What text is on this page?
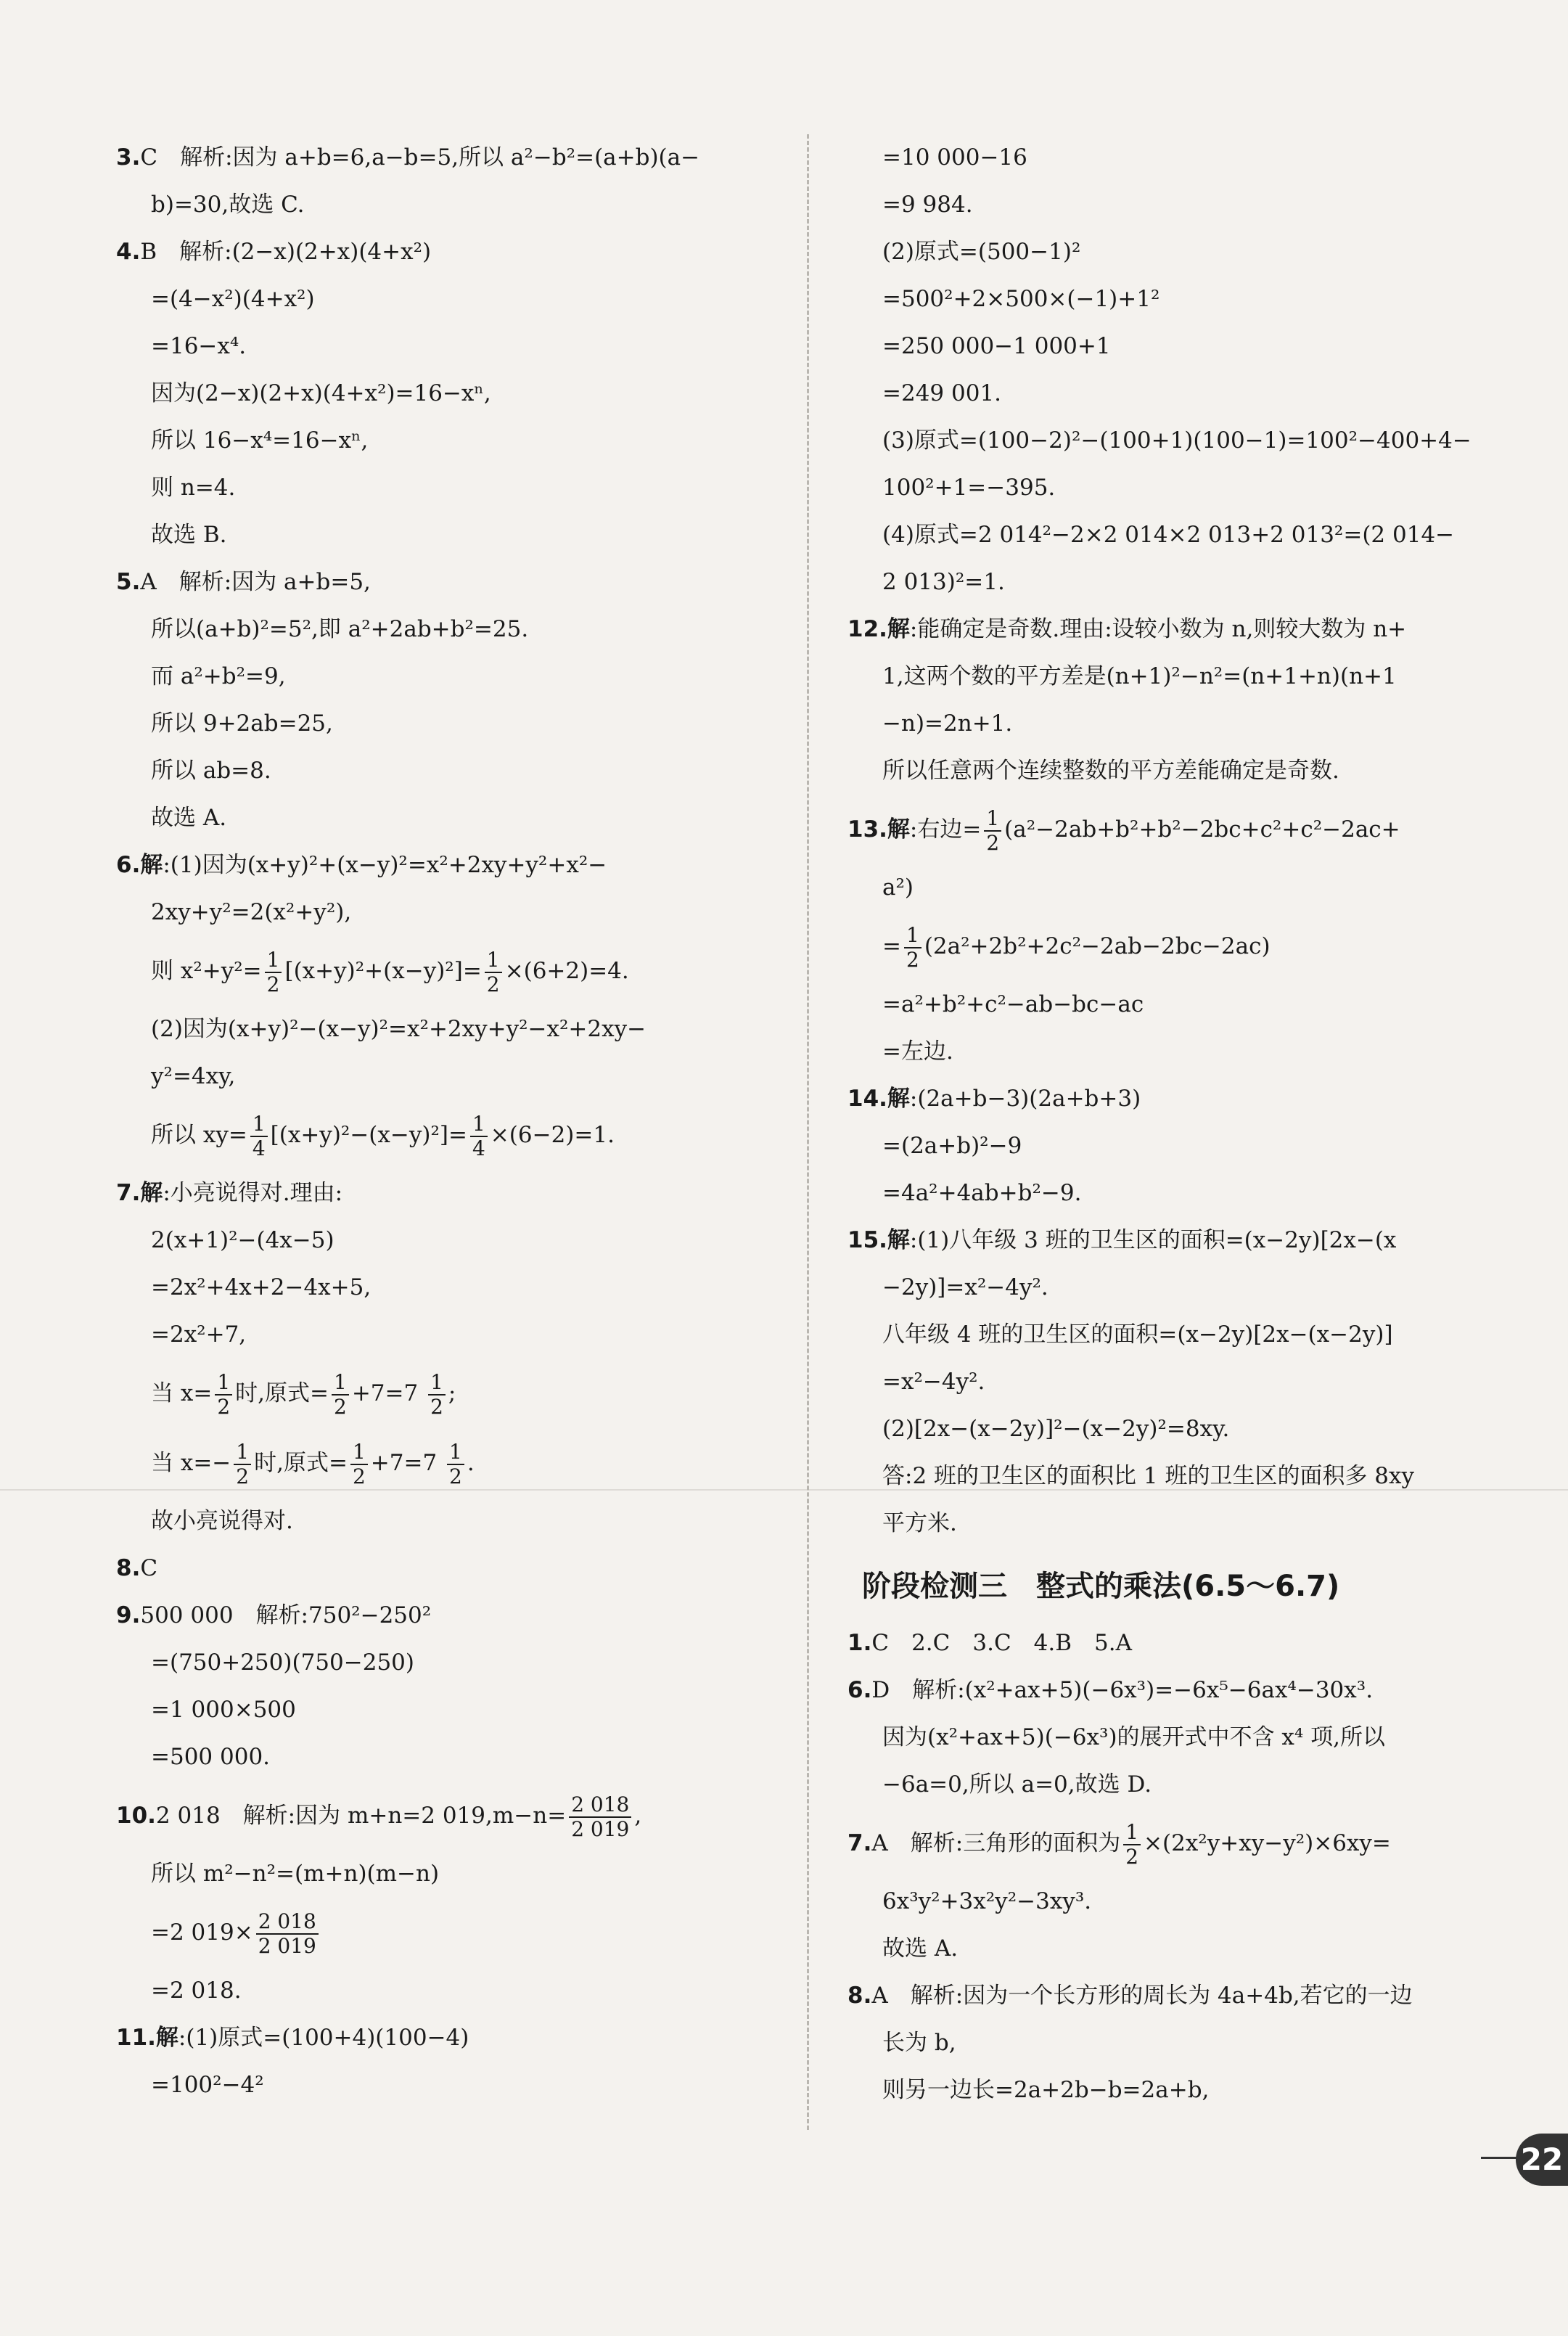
3.C　解析:因为 a+b=6,a−b=5,所以 a²−b²=(a+b)(a−
b)=30,故选 C.
4.B　解析:(2−x)(2+x)(4+x²)
=(4−x²)(4+x²)
=16−x⁴.
因为(2−x)(2+x)(4+x²)=16−xⁿ,
所以 16−x⁴=16−xⁿ,
则 n=4.
故选 B.
5.A　解析:因为 a+b=5,
所以(a+b)²=5²,即 a²+2ab+b²=25.
而 a²+b²=9,
所以 9+2ab=25,
所以 ab=8.
故选 A.
6.解:(1)因为(x+y)²+(x−y)²=x²+2xy+y²+x²−
2xy+y²=2(x²+y²),
则 $x^2+y^2= \frac{1}{2} [(x+y)^2+(x-y)^2]= \frac{1}{2} \times(6+2)=4$.
(2)因为(x+y)²−(x−y)²=x²+2xy+y²−x²+2xy−
y²=4xy,
所以 $xy= \frac{1}{4} [(x+y)^2-(x-y)^2]= \frac{1}{4} \times(6-2)=1$.
7.解:小亮说得对.理由:
2(x+1)²−(4x−5)
=2x²+4x+2−4x+5,
=2x²+7,
当 $x= \frac{1}{2}$ 时,原式= $\frac{1}{2} +7=7 \frac{1}{2}$ ;
当 $x=- \frac{1}{2}$ 时,原式= $\frac{1}{2} +7=7 \frac{1}{2}$ .
故小亮说得对.
8.C
9.500 000　解析:750²−250²
=(750+250)(750−250)
=1 000×500
=500 000.
10.2 018　解析:因为 m+n=2 $019,m-n= \frac{2 018}{2 019}$ ,
所以 m²−n²=(m+n)(m−n)
=2 $019\times \frac{2 018}{2 019}$
=2 018.
11.解:(1)原式=(100+4)(100−4)
=100²−4²
=10 000−16
=9 984.
(2)原式=(500−1)²
=500²+2×500×(−1)+1²
=250 000−1 000+1
=249 001.
(3)原式=(100−2)²−(100+1)(100−1)=100²−400+4−
100²+1=−395.
(4)原式=2 014²−2×2 014×2 013+2 013²=(2 014−
2 013)²=1.
12.解:能确定是奇数.理由:设较小数为 n,则较大数为 n+
1,这两个数的平方差是(n+1)²−n²=(n+1+n)(n+1
−n)=2n+1.
所以任意两个连续整数的平方差能确定是奇数.
13.解:右边= $\frac{1}{2} (a^2-2ab+b^2+b^2-2bc+c^2+c^2-2ac+$
a²)
= $\frac{1}{2} (2a^2+2b^2+2c^2-2ab-2bc-2ac)$
=a²+b²+c²−ab−bc−ac
=左边.
14.解:(2a+b−3)(2a+b+3)
=(2a+b)²−9
=4a²+4ab+b²−9.
15.解:(1)八年级 3 班的卫生区的面积=(x−2y)[2x−(x
−2y)]=x²−4y².
八年级 4 班的卫生区的面积=(x−2y)[2x−(x−2y)]
=x²−4y².
(2)[2x−(x−2y)]²−(x−2y)²=8xy.
答:2 班的卫生区的面积比 1 班的卫生区的面积多 8xy
平方米.
阶段检测三　整式的乘法(6.5～6.7)
1.C　2.C　3.C　4.B　5.A
6.D　解析:(x²+ax+5)(−6x³)=−6x⁵−6ax⁴−30x³.
因为(x²+ax+5)(−6x³)的展开式中不含 x⁴ 项,所以
−6a=0,所以 a=0,故选 D.
7.A　解析:三角形的面积为 $\frac{1}{2} \times(2x^2y+xy-y^2)\times 6xy=$
6x³y²+3x²y²−3xy³.
故选 A.
8.A　解析:因为一个长方形的周长为 4a+4b,若它的一边
长为 b,
则另一边长=2a+2b−b=2a+b,
22
